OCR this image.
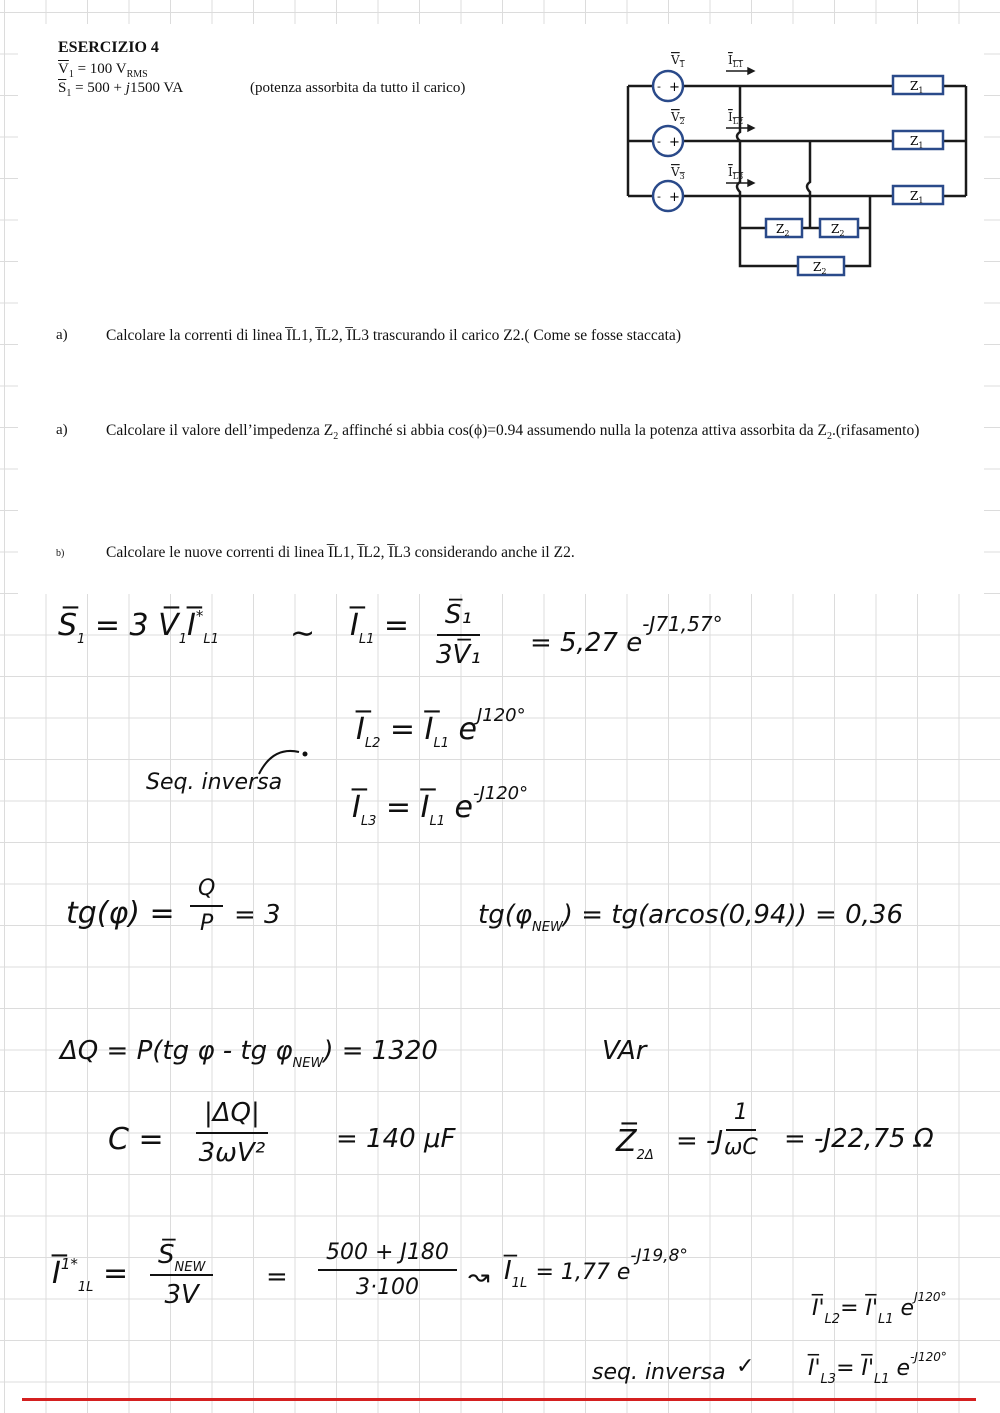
ESERCIZIO 4
$\overline{V}_1 = 100$ $V_{RMS}$
$\overline{S}_1 = 500 + j1500$ VA	(potenza assorbita da tutto il carico)	- +
- +
- +
$V_1$	$I_{L1}$
$V_2$	$I_{L2}$
$V_3$	$I_{L3}$
$Z_1$
$Z_1$
$Z_1$
$Z_2$	$Z_2$
$Z_2$
a) Calcolare la correnti di linea I̅L1, I̅L2, I̅L3 trascurando il carico Z2.( Come se fosse staccata)
a) Calcolare il valore dell’impedenza $Z_2$ affinché si abbia cos(ϕ)=0.94 assumendo nulla la potenza attiva assorbita da $Z_2.(rifasamento)$
b)	Calcolare le nuove correnti di linea I̅L1, I̅L2, I̅L3 considerando anche il Z2.
$S̅_1 = 3$ $V̅_1I̅^*_{L1}$ ∼ $I̅_{L1} = \frac{\text{S̅₁}}{\text{3V̅₁}} = 5,27$ $e^{-J71,57^\circ}$
$I̅_{L2}$ = $I̅_{L1}$ $e^{J120^\circ}$
Seq. inversa
$I̅_{L3}$ = $I̅_{L1}$ $e^{-J120^\circ}$
$tg(\varphi) = \frac{Q}{P} = 3$	$tg(\varphi_{NEW}) = tg(arcos(0,94)) = 0,36$
ΔQ = P(tg φ - tg $\varphi_{NEW}) = 1320$	VAr
$C = \frac{|\Delta Q|}{\text{3ωV²}}$	= 140 μF	$Z̅_{2\Delta} = -J \frac{1}{\omega C} = -J22,75$ Ω
I̅$^{1*}_{1L}$ = $\frac{S̅_{NEW}}{3V} = \frac{500 + J180}{3\cdot 100}$ ↝ $I̅_{1L} = 1,77$ $e^{-J19,8^\circ}$
$I̅'_{L2}=$ $I̅'_{L1}$ $e^{J120^\circ}$
seq. inversa ✓ $I̅'_{L3}=$ $I̅'_{L1}$ $e^{-J120^\circ}$
